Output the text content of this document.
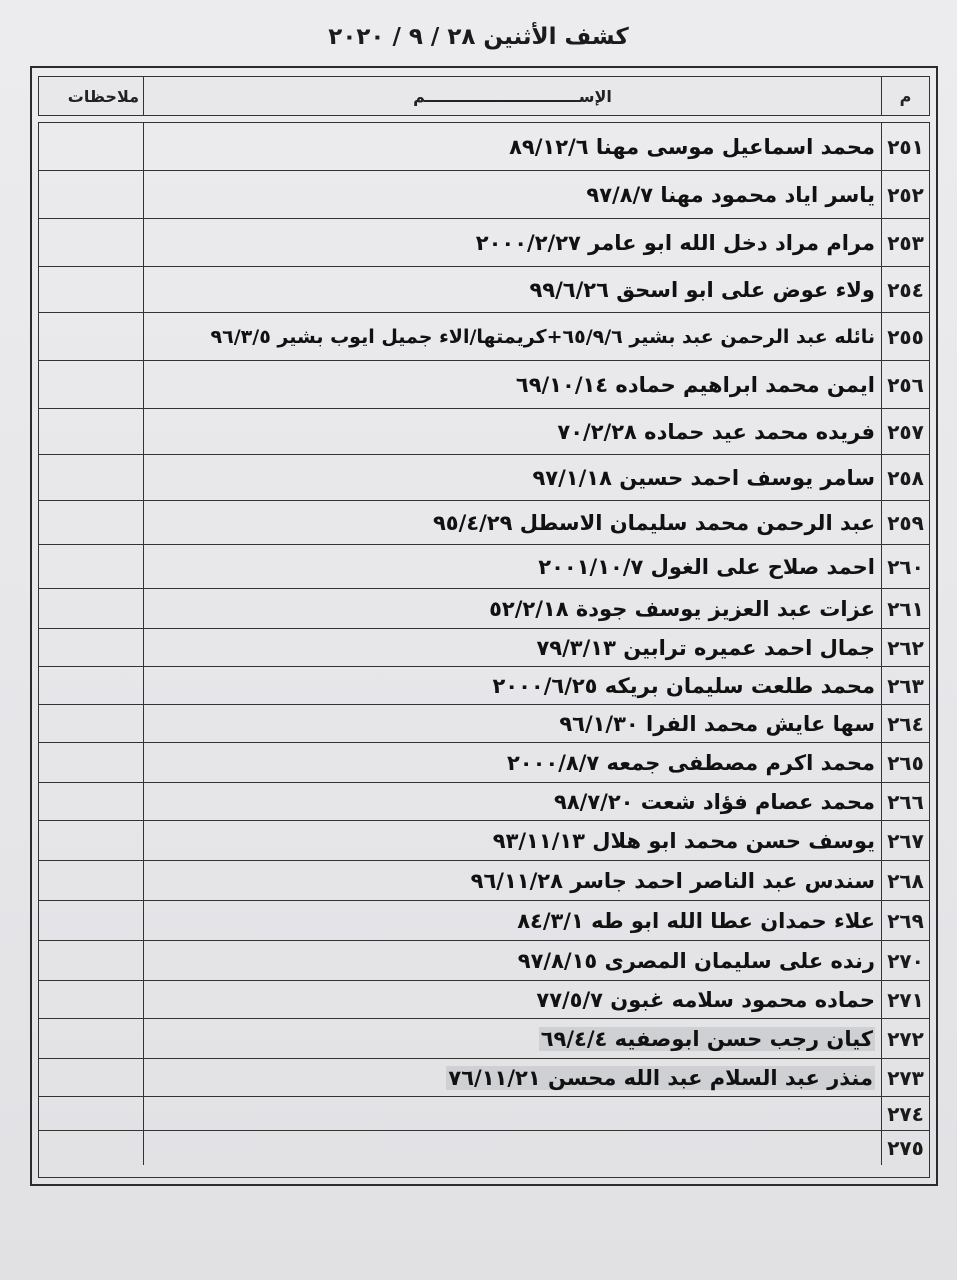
كشف الأثنين ٢٨ / ٩ / ٢٠٢٠
م
الإســــــــــــــــــــــــــــم
ملاحظات
٢٥١
محمد اسماعيل موسى مهنا ٨٩/١٢/٦
٢٥٢
ياسر اياد محمود مهنا ٩٧/٨/٧
٢٥٣
مرام مراد دخل الله ابو عامر ٢٠٠٠/٢/٢٧
٢٥٤
ولاء عوض على ابو اسحق ٩٩/٦/٢٦
٢٥٥
نائله عبد الرحمن عبد بشير ٦٥/٩/٦+كريمتها/الاء جميل ايوب بشير ٩٦/٣/٥
٢٥٦
ايمن محمد ابراهيم حماده ٦٩/١٠/١٤
٢٥٧
فريده محمد عيد حماده ٧٠/٢/٢٨
٢٥٨
سامر يوسف احمد حسين ٩٧/١/١٨
٢٥٩
عبد الرحمن محمد سليمان الاسطل ٩٥/٤/٢٩
٢٦٠
احمد صلاح على الغول ٢٠٠١/١٠/٧
٢٦١
عزات عبد العزيز يوسف جودة ٥٢/٢/١٨
٢٦٢
جمال احمد عميره ترابين ٧٩/٣/١٣
٢٦٣
محمد طلعت سليمان بريكه ٢٠٠٠/٦/٢٥
٢٦٤
سها عايش محمد الفرا ٩٦/١/٣٠
٢٦٥
محمد اكرم مصطفى جمعه ٢٠٠٠/٨/٧
٢٦٦
محمد عصام فؤاد شعت ٩٨/٧/٢٠
٢٦٧
يوسف حسن محمد ابو هلال ٩٣/١١/١٣
٢٦٨
سندس عبد الناصر احمد جاسر ٩٦/١١/٢٨
٢٦٩
علاء حمدان عطا الله ابو طه ٨٤/٣/١
٢٧٠
رنده على سليمان المصرى ٩٧/٨/١٥
٢٧١
حماده محمود سلامه غبون ٧٧/٥/٧
٢٧٢
كيان رجب حسن ابوصفيه ٦٩/٤/٤
٢٧٣
منذر عبد السلام عبد الله محسن ٧٦/١١/٢١
٢٧٤
٢٧٥
